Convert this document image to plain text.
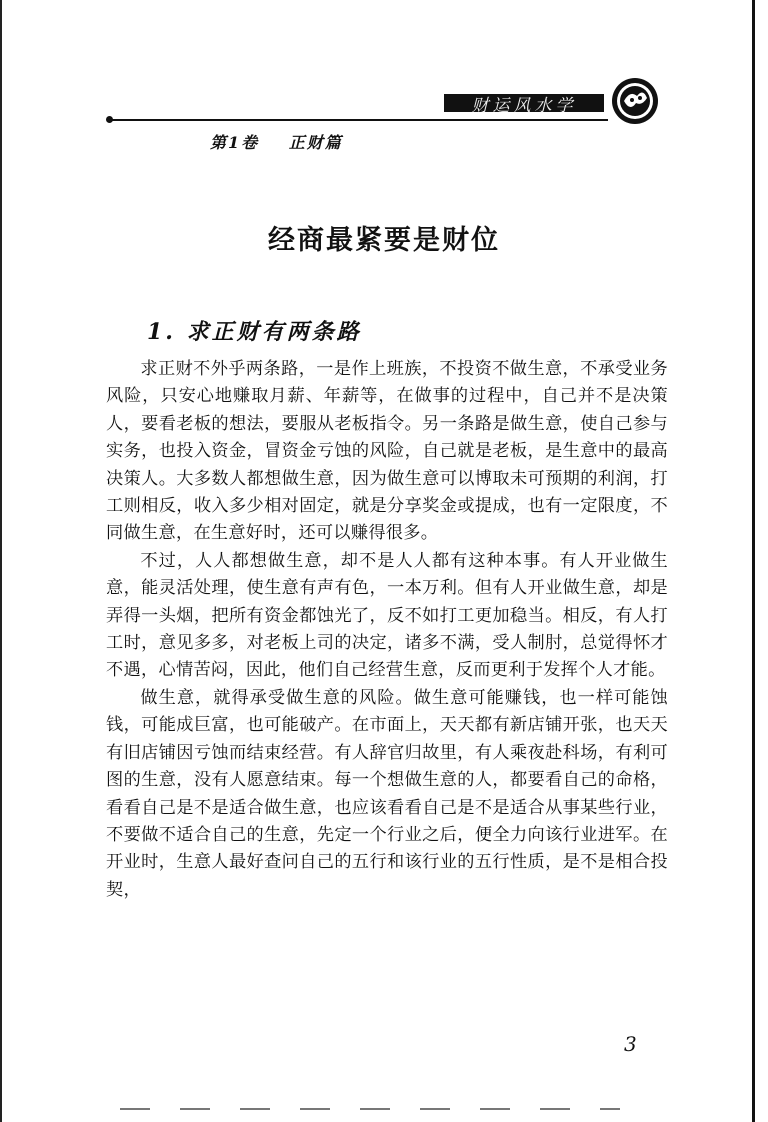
财运风水学
第1卷 正财篇
经商最紧要是财位
1. 求正财有两条路

求正财不外乎两条路，一是作上班族，不投资不做生意，不承受业务风险，只安心地赚取月薪、年薪等，在做事的过程中，自己并不是决策人，要看老板的想法，要服从老板指令。另一条路是做生意，使自己参与实务，也投入资金，冒资金亏蚀的风险，自己就是老板，是生意中的最高决策人。大多数人都想做生意，因为做生意可以博取未可预期的利润，打工则相反，收入多少相对固定，就是分享奖金或提成，也有一定限度，不同做生意，在生意好时，还可以赚得很多。

不过，人人都想做生意，却不是人人都有这种本事。有人开业做生意，能灵活处理，使生意有声有色，一本万利。但有人开业做生意，却是弄得一头烟，把所有资金都蚀光了，反不如打工更加稳当。相反，有人打工时，意见多多，对老板上司的决定，诸多不满，受人制肘，总觉得怀才不遇，心情苦闷，因此，他们自己经营生意，反而更利于发挥个人才能。

做生意，就得承受做生意的风险。做生意可能赚钱，也一样可能蚀钱，可能成巨富，也可能破产。在市面上，天天都有新店铺开张，也天天有旧店铺因亏蚀而结束经营。有人辞官归故里，有人乘夜赴科场，有利可图的生意，没有人愿意结束。每一个想做生意的人，都要看自己的命格，看看自己是不是适合做生意，也应该看看自己是不是适合从事某些行业，不要做不适合自己的生意，先定一个行业之后，便全力向该行业进军。在开业时，生意人最好查问自己的五行和该行业的五行性质，是不是相合投契，

3
